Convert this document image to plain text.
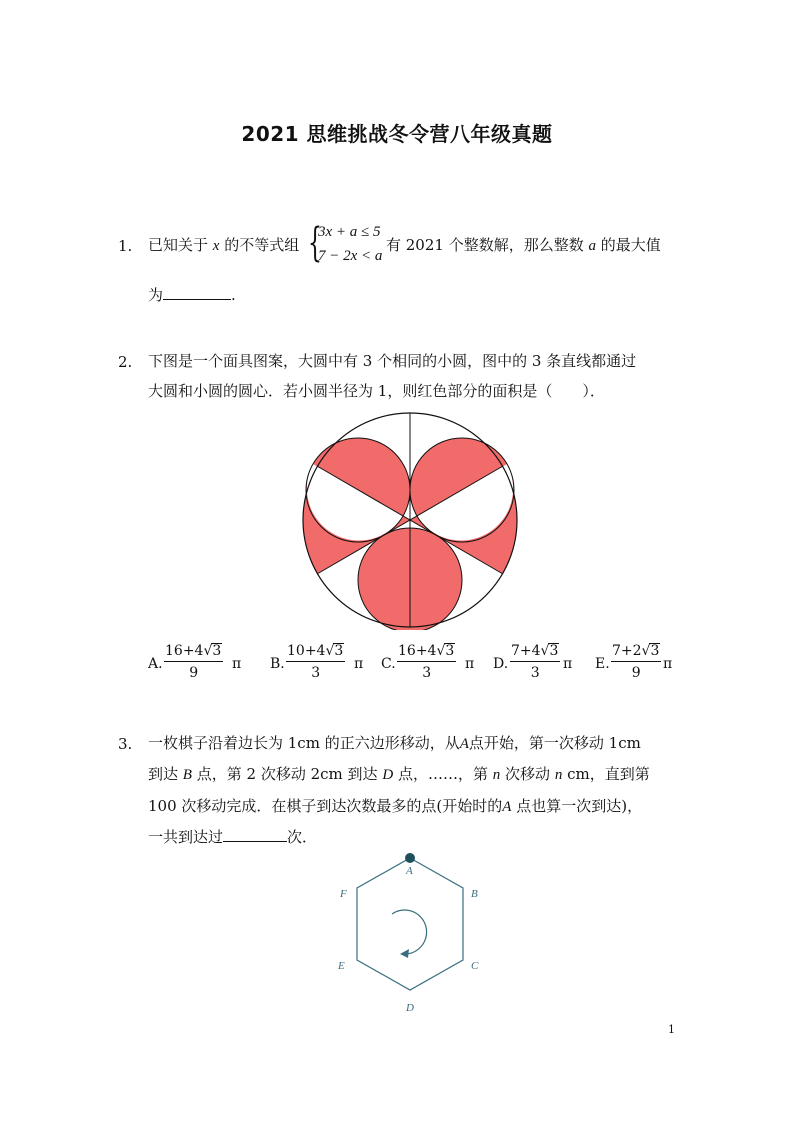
2021 思维挑战冬令营八年级真题
1. 已知关于 x 的不等式组 {
3x + a ≤ 5
7 − 2x < a
有 2021 个整数解，那么整数 a 的最大值
为	.
2. 下图是一个面具图案，大圆中有 3 个相同的小圆，图中的 3 条直线都通过
大圆和小圆的圆心．若小圆半径为 1，则红色部分的面积是（　　）．
A. $\frac{16+4√3}{9}$ π B. $\frac{10+4√3}{3}$ π C. $\frac{16+4√3}{3}$ π D. $\frac{7+4√3}{3}$ π E. $\frac{7+2√3}{9}$ π
3. 一枚棋子沿着边长为 1cm 的正六边形移动，从A点开始，第一次移动 1cm
到达 B 点，第 2 次移动 2cm 到达 D 点，……，第 n 次移动 n cm，直到第
100 次移动完成．在棋子到达次数最多的点(开始时的A 点也算一次到达)，
一共到达过	次．
A
B
C
D
E
F
1
